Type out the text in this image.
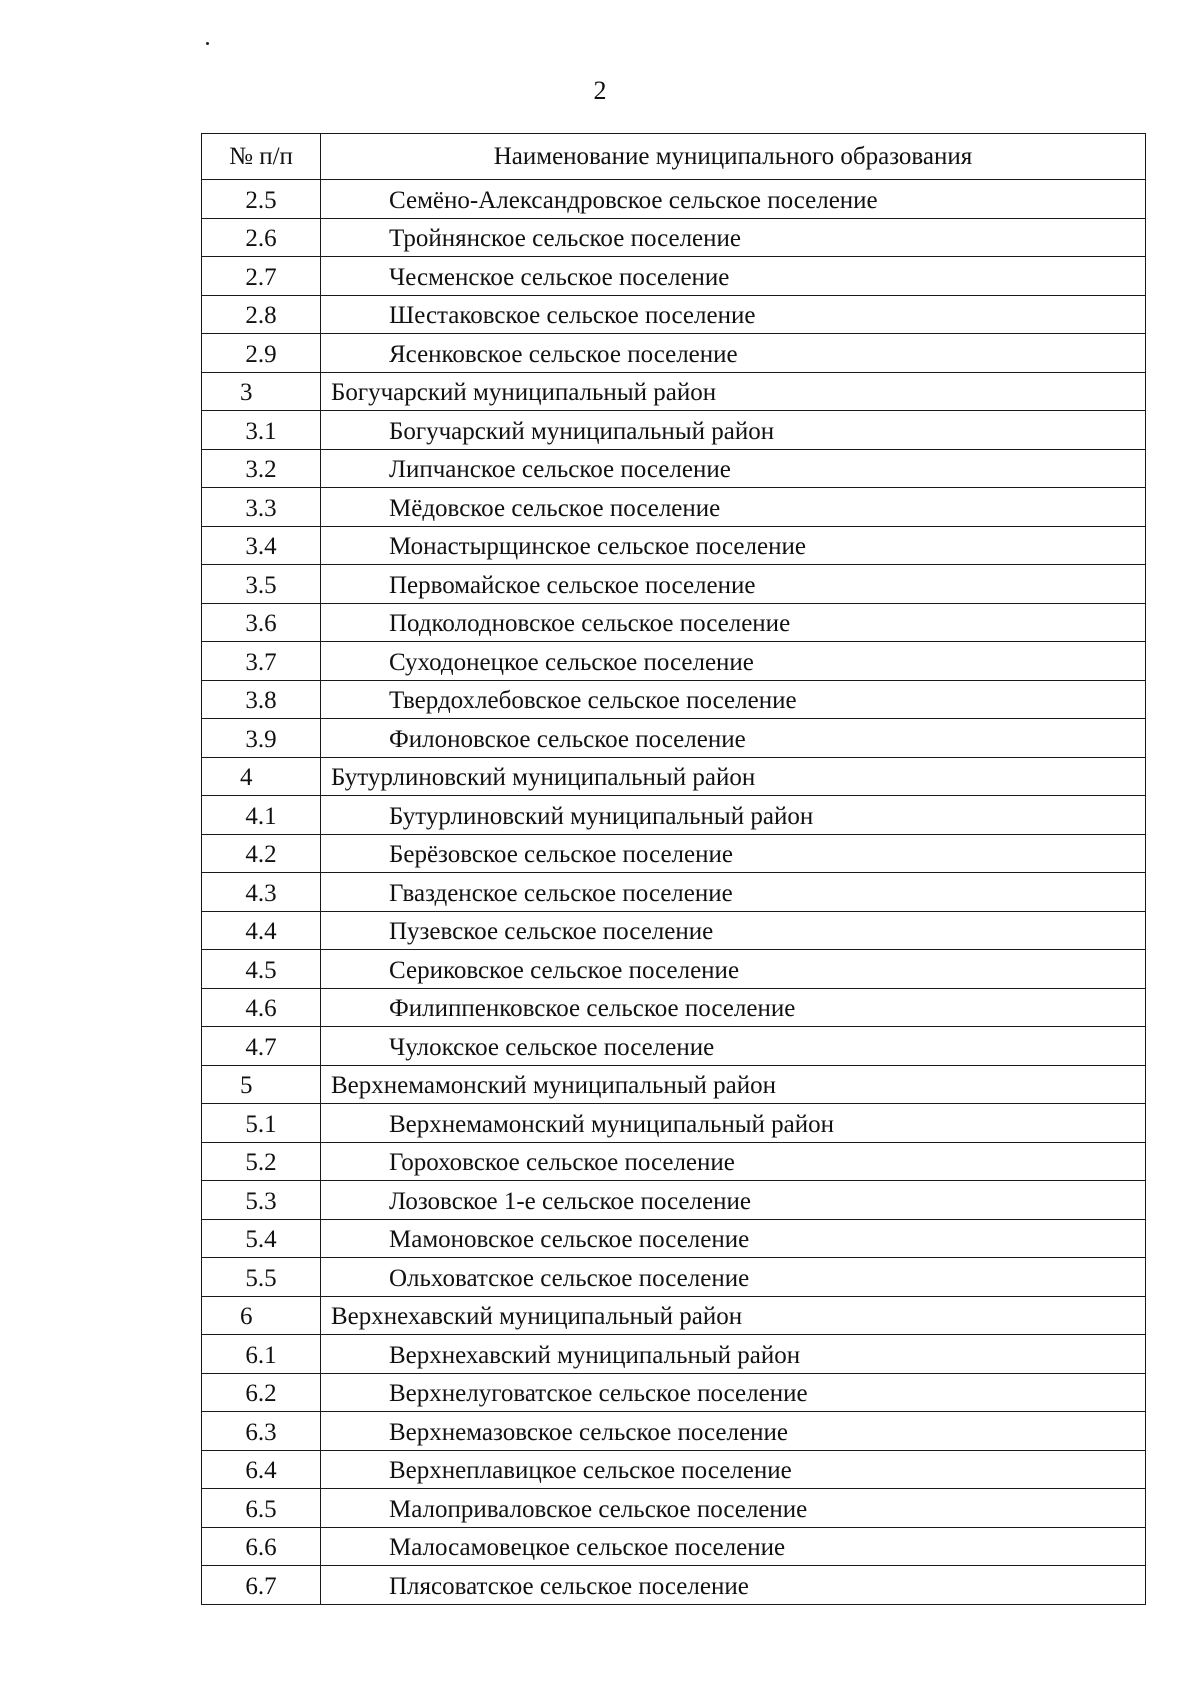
2
№ п/п	Наименование муниципального образования
2.5	Семёно-Александровское сельское поселение
2.6	Тройнянское сельское поселение
2.7	Чесменское сельское поселение
2.8	Шестаковское сельское поселение
2.9	Ясенковское сельское поселение
3	Богучарский муниципальный район
3.1	Богучарский муниципальный район
3.2	Липчанское сельское поселение
3.3	Мёдовское сельское поселение
3.4	Монастырщинское сельское поселение
3.5	Первомайское сельское поселение
3.6	Подколодновское сельское поселение
3.7	Суходонецкое сельское поселение
3.8	Твердохлебовское сельское поселение
3.9	Филоновское сельское поселение
4	Бутурлиновский муниципальный район
4.1	Бутурлиновский муниципальный район
4.2	Берёзовское сельское поселение
4.3	Гвазденское сельское поселение
4.4	Пузевское сельское поселение
4.5	Сериковское сельское поселение
4.6	Филиппенковское сельское поселение
4.7	Чулокское сельское поселение
5	Верхнемамонский муниципальный район
5.1	Верхнемамонский муниципальный район
5.2	Гороховское сельское поселение
5.3	Лозовское 1-е сельское поселение
5.4	Мамоновское сельское поселение
5.5	Ольховатское сельское поселение
6	Верхнехавский муниципальный район
6.1	Верхнехавский муниципальный район
6.2	Верхнелуговатское сельское поселение
6.3	Верхнемазовское сельское поселение
6.4	Верхнеплавицкое сельское поселение
6.5	Малоприваловское сельское поселение
6.6	Малосамовецкое сельское поселение
6.7	Плясоватское сельское поселение
